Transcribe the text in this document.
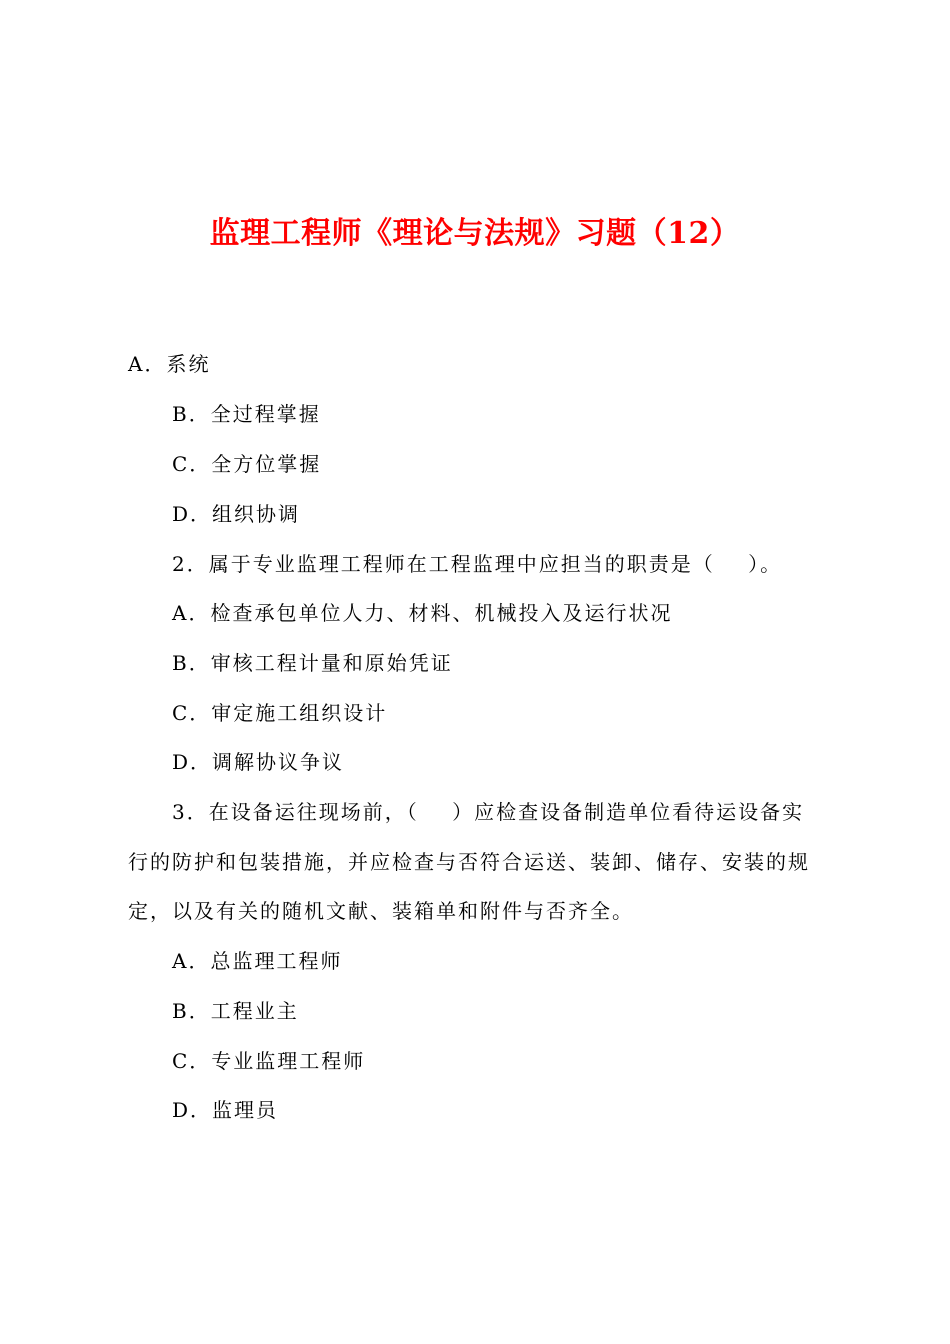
监理工程师《理论与法规》习题（12）
A．系统
B．全过程掌握
C．全方位掌握
D．组织协调
2．属于专业监理工程师在工程监理中应担当的职责是（    ）。
A．检查承包单位人力、材料、机械投入及运行状况
B．审核工程计量和原始凭证
C．审定施工组织设计
D．调解协议争议
3．在设备运往现场前，（    ）应检查设备制造单位看待运设备实
行的防护和包装措施，并应检查与否符合运送、装卸、储存、安装的规
定，以及有关的随机文献、装箱单和附件与否齐全。
A．总监理工程师
B．工程业主
C．专业监理工程师
D．监理员
